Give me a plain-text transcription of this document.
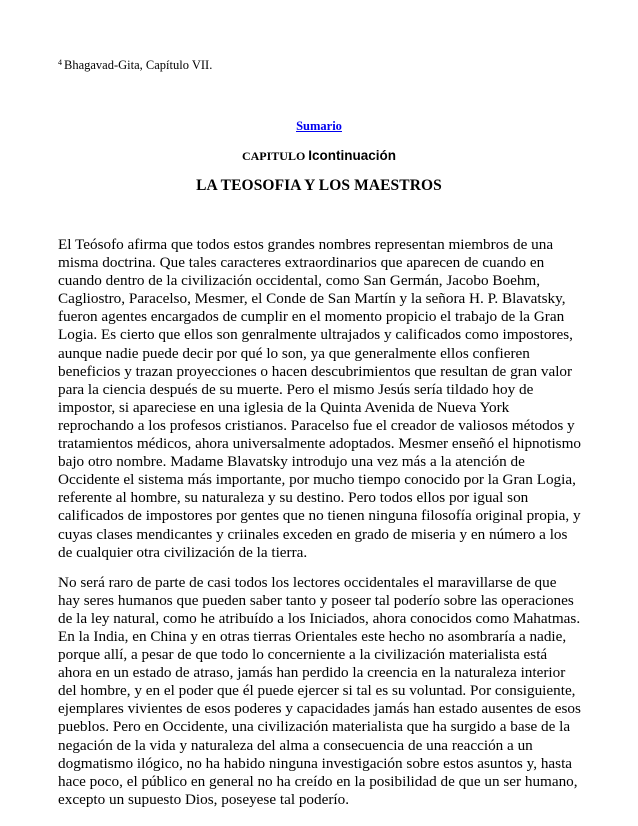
$^4$ Bhagavad-Gita, Capítulo VII.
Sumario
CAPITULO Icontinuación
LA TEOSOFIA Y LOS MAESTROS

El Teósofo afirma que todos estos grandes nombres representan miembros de una misma doctrina. Que tales caracteres extraordinarios que aparecen de cuando en cuando dentro de la civilización occidental, como San Germán, Jacobo Boehm, Cagliostro, Paracelso, Mesmer, el Conde de San Martín y la señora H. P. Blavatsky, fueron agentes encargados de cumplir en el momento propicio el trabajo de la Gran Logia. Es cierto que ellos son genralmente ultrajados y calificados como impostores, aunque nadie puede decir por qué lo son, ya que generalmente ellos confieren beneficios y trazan proyecciones o hacen descubrimientos que resultan de gran valor para la ciencia después de su muerte. Pero el mismo Jesús sería tildado hoy de impostor, si apareciese en una iglesia de la Quinta Avenida de Nueva York reprochando a los profesos cristianos. Paracelso fue el creador de valiosos métodos y tratamientos médicos, ahora universalmente adoptados. Mesmer enseñó el hipnotismo bajo otro nombre. Madame Blavatsky introdujo una vez más a la atención de Occidente el sistema más importante, por mucho tiempo conocido por la Gran Logia, referente al hombre, su naturaleza y su destino. Pero todos ellos por igual son calificados de impostores por gentes que no tienen ninguna filosofía original propia, y cuyas clases mendicantes y criinales exceden en grado de miseria y en número a los de cualquier otra civilización de la tierra.

No será raro de parte de casi todos los lectores occidentales el maravillarse de que hay seres humanos que pueden saber tanto y poseer tal poderío sobre las operaciones de la ley natural, como he atribuído a los Iniciados, ahora conocidos como Mahatmas. En la India, en China y en otras tierras Orientales este hecho no asombraría a nadie, porque allí, a pesar de que todo lo concerniente a la civilización materialista está ahora en un estado de atraso, jamás han perdido la creencia en la naturaleza interior del hombre, y en el poder que él puede ejercer si tal es su voluntad. Por consiguiente, ejemplares vivientes de esos poderes y capacidades jamás han estado ausentes de esos pueblos. Pero en Occidente, una civilización materialista que ha surgido a base de la negación de la vida y naturaleza del alma a consecuencia de una reacción a un dogmatismo ilógico, no ha habido ninguna investigación sobre estos asuntos y, hasta hace poco, el público en general no ha creído en la posibilidad de que un ser humano, excepto un supuesto Dios, poseyese tal poderío.
